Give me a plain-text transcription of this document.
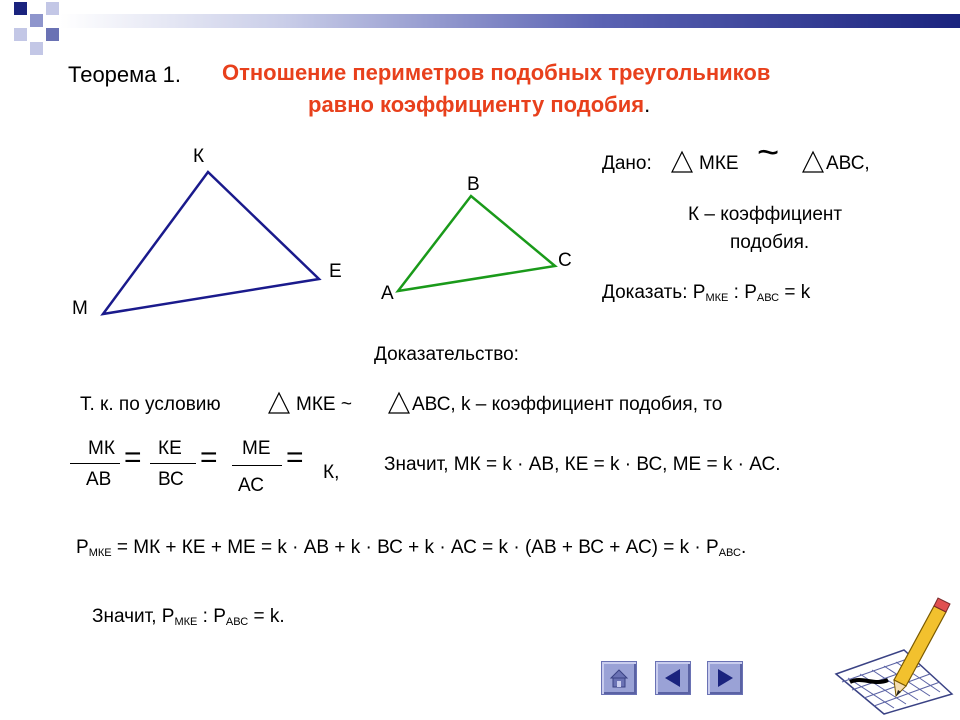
Теорема 1. Отношение периметров подобных треугольников
равно коэффициенту подобия.
К
Е
М
В
С
А
Дано: МКЕ ~ АВС,
К – коэффициент
подобия.
Доказать: РМКЕ : РАВС = k
Доказательство:
Т. к. по условию	МКЕ ~	АВС, k – коэффициент подобия, то
МК
АВ
= КЕ
ВС
= МЕ
АС
= К, Значит, МК = k · АВ, КЕ = k · ВС, МЕ = k · АС.
РМКЕ = МК + КЕ + МЕ = k · АВ + k · ВС + k · АС = k · (АВ + ВС + АС) = k · РАВС.
Значит, РМКЕ : РАВС = k.
